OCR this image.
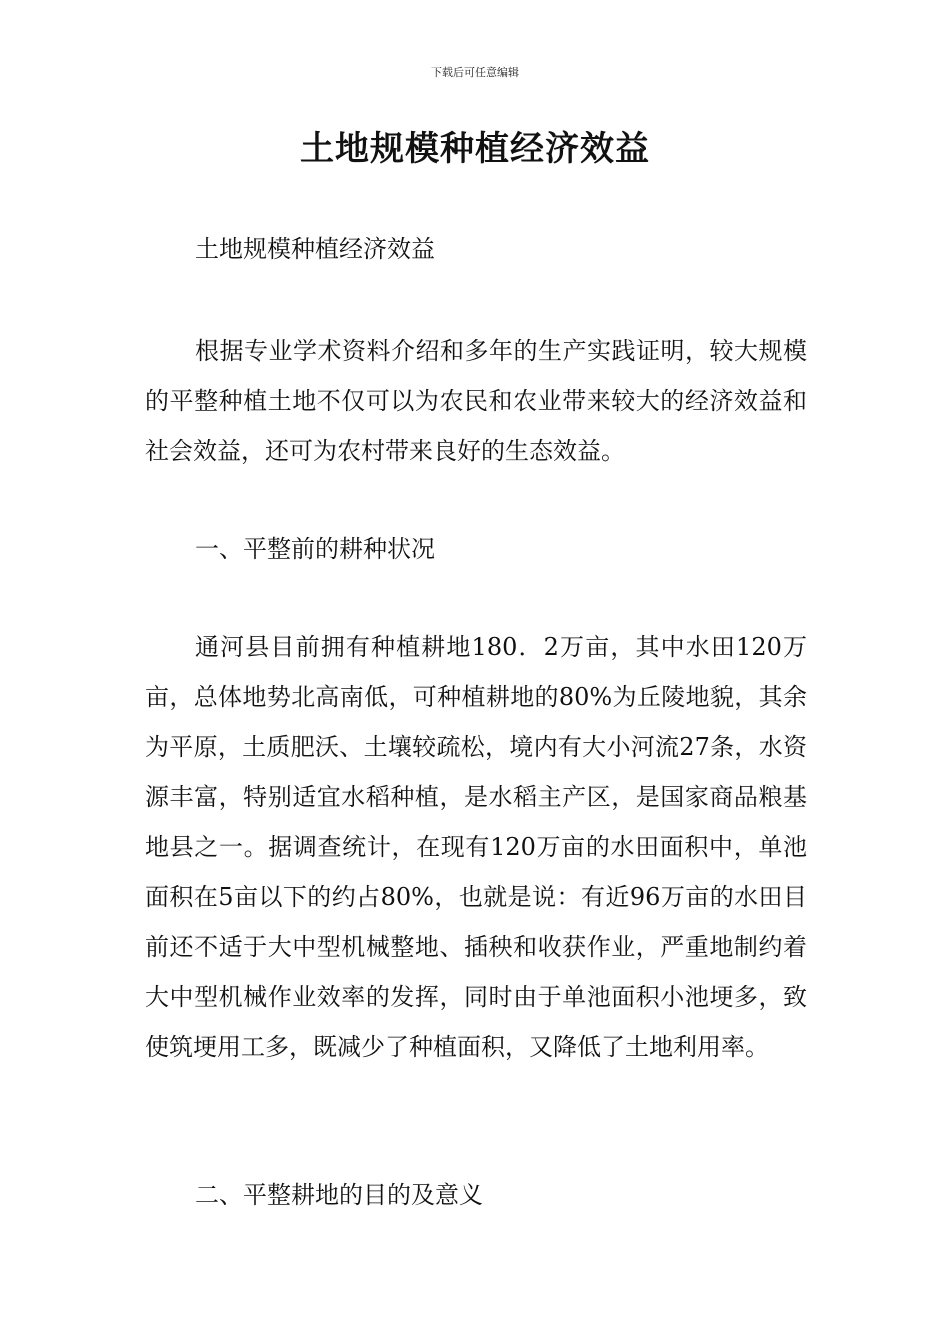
下载后可任意编辑
土地规模种植经济效益

土地规模种植经济效益

根据专业学术资料介绍和多年的生产实践证明，较大规模的平整种植土地不仅可以为农民和农业带来较大的经济效益和社会效益，还可为农村带来良好的生态效益。

一、平整前的耕种状况

通河县目前拥有种植耕地180．2万亩，其中水田120万亩，总体地势北高南低，可种植耕地的80%为丘陵地貌，其余为平原，土质肥沃、土壤较疏松，境内有大小河流27条，水资源丰富，特别适宜水稻种植，是水稻主产区，是国家商品粮基地县之一。据调查统计，在现有120万亩的水田面积中，单池面积在5亩以下的约占80%，也就是说：有近96万亩的水田目前还不适于大中型机械整地、插秧和收获作业，严重地制约着大中型机械作业效率的发挥，同时由于单池面积小池埂多，致使筑埂用工多，既减少了种植面积，又降低了土地利用率。

二、平整耕地的目的及意义
